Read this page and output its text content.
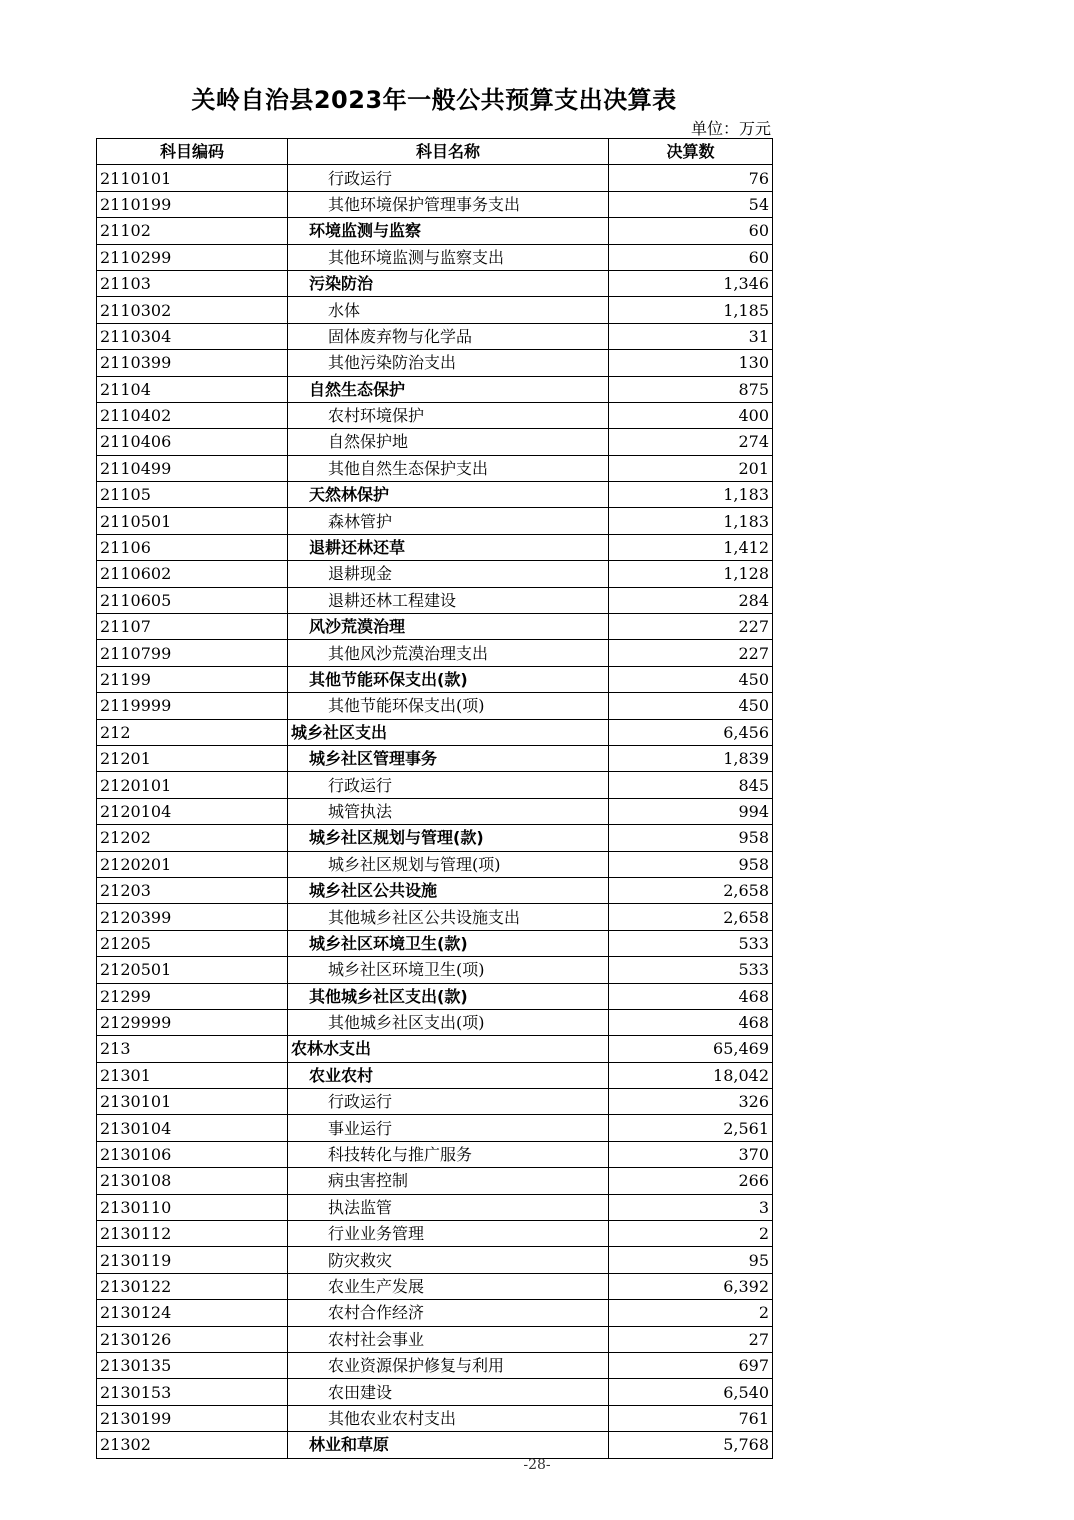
关岭自治县2023年一般公共预算支出决算表
单位：万元
科目编码	科目名称	决算数
2110101	行政运行	76
2110199	其他环境保护管理事务支出	54
21102	环境监测与监察	60
2110299	其他环境监测与监察支出	60
21103	污染防治	1,346
2110302	水体	1,185
2110304	固体废弃物与化学品	31
2110399	其他污染防治支出	130
21104	自然生态保护	875
2110402	农村环境保护	400
2110406	自然保护地	274
2110499	其他自然生态保护支出	201
21105	天然林保护	1,183
2110501	森林管护	1,183
21106	退耕还林还草	1,412
2110602	退耕现金	1,128
2110605	退耕还林工程建设	284
21107	风沙荒漠治理	227
2110799	其他风沙荒漠治理支出	227
21199	其他节能环保支出(款)	450
2119999	其他节能环保支出(项)	450
212	城乡社区支出	6,456
21201	城乡社区管理事务	1,839
2120101	行政运行	845
2120104	城管执法	994
21202	城乡社区规划与管理(款)	958
2120201	城乡社区规划与管理(项)	958
21203	城乡社区公共设施	2,658
2120399	其他城乡社区公共设施支出	2,658
21205	城乡社区环境卫生(款)	533
2120501	城乡社区环境卫生(项)	533
21299	其他城乡社区支出(款)	468
2129999	其他城乡社区支出(项)	468
213	农林水支出	65,469
21301	农业农村	18,042
2130101	行政运行	326
2130104	事业运行	2,561
2130106	科技转化与推广服务	370
2130108	病虫害控制	266
2130110	执法监管	3
2130112	行业业务管理	2
2130119	防灾救灾	95
2130122	农业生产发展	6,392
2130124	农村合作经济	2
2130126	农村社会事业	27
2130135	农业资源保护修复与利用	697
2130153	农田建设	6,540
2130199	其他农业农村支出	761
21302	林业和草原	5,768
-28-
